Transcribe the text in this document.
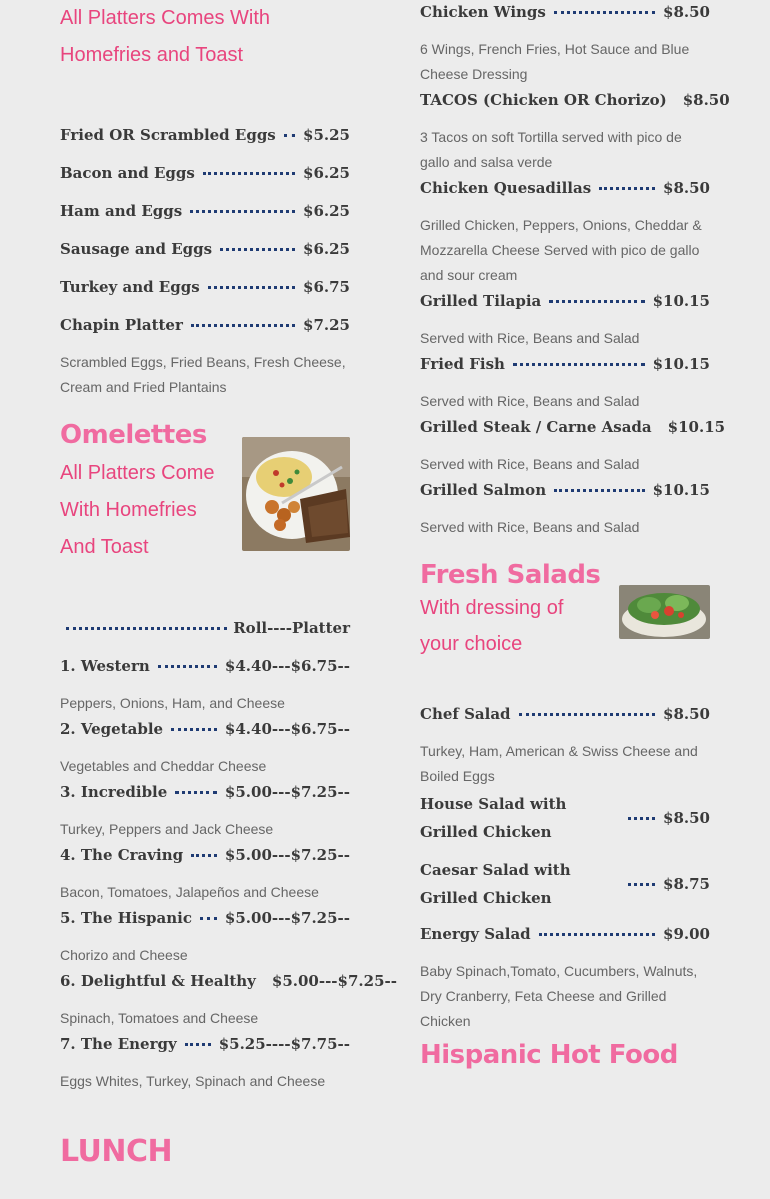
All Platters Comes With Homefries and Toast
Fried OR Scrambled Eggs $5.25
Bacon and Eggs	$6.25
Ham and Eggs	$6.25
Sausage and Eggs	$6.25
Turkey and Eggs	$6.75
Chapin Platter	$7.25
Scrambled Eggs, Fried Beans, Fresh Cheese, Cream and Fried Plantains
Omelettes
All Platters Come With Homefries And Toast
Roll----Platter
1. Western	$4.40---$6.75--
Peppers, Onions, Ham, and Cheese
2. Vegetable	$4.40---$6.75--
Vegetables and Cheddar Cheese
3. Incredible	$5.00---$7.25--
Turkey, Peppers and Jack Cheese
4. The Craving	$5.00---$7.25--
Bacon, Tomatoes, Jalapeños and Cheese
5. The Hispanic $5.00---$7.25--
Chorizo and Cheese
6. Delightful & Healthy $5.00---$7.25--
Spinach, Tomatoes and Cheese
7. The Energy	$5.25----$7.75--
Eggs Whites, Turkey, Spinach and Cheese
LUNCH
Chicken Wings	$8.50
6 Wings, French Fries, Hot Sauce and Blue Cheese Dressing
TACOS (Chicken OR Chorizo) $8.50
3 Tacos on soft Tortilla served with pico de gallo and salsa verde
Chicken Quesadillas	$8.50
Grilled Chicken, Peppers, Onions, Cheddar & Mozzarella Cheese Served with pico de gallo and sour cream
Grilled Tilapia	$10.15
Served with Rice, Beans and Salad
Fried Fish	$10.15
Served with Rice, Beans and Salad
Grilled Steak / Carne Asada $10.15
Served with Rice, Beans and Salad
Grilled Salmon	$10.15
Served with Rice, Beans and Salad
Fresh Salads
With dressing of your choice
Chef Salad	$8.50
Turkey, Ham, American & Swiss Cheese and Boiled Eggs
House Salad with Grilled Chicken
$8.50
Caesar Salad with Grilled Chicken
$8.75
Energy Salad	$9.00
Baby Spinach,Tomato, Cucumbers, Walnuts, Dry Cranberry, Feta Cheese and Grilled Chicken
Hispanic Hot Food
